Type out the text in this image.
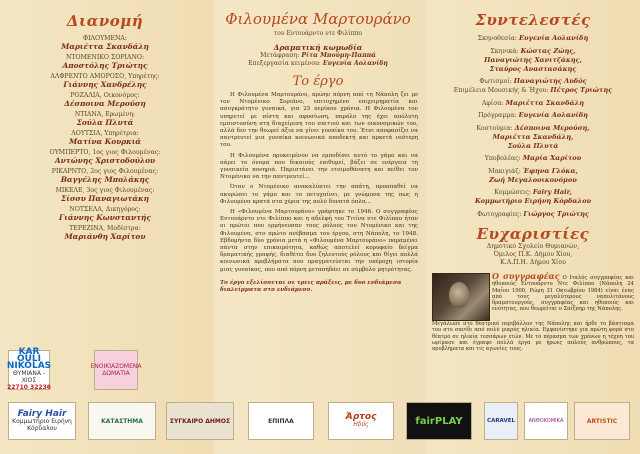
Διανομή
ΦΙΛΟΥΜΕΝΑ:
Μαριέττα Σκανδάλη
ΝΤΟΜΕΝΙΚΟ ΣΟΡΙΑΝΟ:
Αποστόλης Τριώτης
ΑΛΦΡΕΝΤΟ ΑΜΟΡΟΣΟ, Υπηρέτης:
Γιάννης Χανδρέλης
ΡΟΖΑΛΙΑ, Οικονόμος:
Δέσποινα Μερούση
ΝΤΙΑΝΑ, Ερωμένη:
Σούλα Πλυτά
ΛΟΥΤΣΙΑ, Υπηρέτρια:
Ματίνα Κουρκιά
ΟΥΜΠΕΡΤΟ, 1ος γιος Φιλουμένας:
Αντώνης Χριστοδούλου
ΡΙΚΑΡΝΤΟ, 2ος γιος Φιλουμένας:
Βαγγέλης Μπολάκης
ΜΙΚΕΛΕ, 3ος γιος Φιλουμένας:
Σίσσυ Παναγιωτάκη
ΝΟΤΣΕΛΑ, Δικηγόρος:
Γιάννης Κωνσταντής
ΤΕΡΕΖΙΝΑ, Μοδίστρα:
Μαριάνθη Χαρίτου
Φιλουμένα Μαρτουράνο
του Εντουάρντο ντε Φιλίππο
Δραματική κωμωδία
Μετάφραση: Ρίτα Μπούμη-Παππά
Επεξεργασία κειμένου: Ευγενία Αολανίδη
Το έργο

Η Φιλουμένα Μαρτουράνο, πρώην πόρνη από τη Νάπολη ζει με τον Ντομένικο Σοριάνο, επιτυχημένο επιχειρηματία και ασυγκράτητο γυναικά, για 25 περίπου χρόνια. Η Φιλουμένα τον υπηρετεί με πίστη και αφοσίωση, παρόλο της έχει απόλυτη εμπιστοσύνη στη διαχείριση του σπιτιού και των οικονομικών του, αλλά δεν την θεωρεί άξια να γίνει γυναίκα του. Έτσι αποφασίζει να παντρευτεί μια γυναίκα κοινωνικά αποδεκτή και αρκετά νεότερη του.

Η Φιλουμένα προκειμένου να εμποδίσει αυτό το γάμο και να πάρει το όνομα που δικαιούς επιθυμεί, βάζει σε ενέργεια τη γυναικεία πονηριά. Παριστάνει την ετοιμοθάνατη και πείθει τον Ντομένικο να την παντρευτεί...

Όταν ο Ντομένικο ανακαλύπτει την απάτη, προσπαθεί να ακυρώσει το γάμο και το πετυχαίνει, με γνώμονα της πως η Φιλουμένα κρατά στα χέρια της πολύ δυνατά όπλα...

Η «Φιλουμένα Μαρτουράνο» γράφτηκε το 1946. Ο συγγραφέας Εντουάρντο ντε Φιλίππο και η αδελφή του Τιτίνα ντε Φιλίππο ήταν οι πρώτοι που ερμήνευσαν τους ρόλους του Ντομένικο και της Φιλουμένα, στο πρώτο ανέβασμα του έργου, στη Νάπολη, το 1948. Εβδομήντα δύο χρόνια μετά η «Φιλουμένα Μαρτουράνο» παραμένει πάντα στην επικαιρότητα, καθώς αποτελεί κορυφαίο δείγμα δραματικής γραφής, διαθέτει δυο ζηλευτούς ρόλους και θίγει πολλά κοινωνικά προβλήματα που πραγματεύεται την υπέροχη ιστορία μιας γυναίκας, που από πόρνη μεταπηδάει σε σύμβολο μητρότητας.

Το έργο εξελίσσεται σε τρεις πράξεις, με δυο ενδιάμεσα διαλείμματα στο ενδιάμεσο.
Συντελεστές
Σκηνοθεσία: Ευγενία Αολανίδη
Σκηνικά: Κώστας Ζώης,
Παναγιώτης Χανιτζάκης,
Σταύρος Αναστασάκης
Φωτισμοί: Παναγιώτης Λυδός
Επιμέλεια Μουσικής & Ήχου: Πέτρος Τριώτης
Αφίσα: Μαριέττα Σκανδάλη
Πρόγραμμα: Ευγενία Αολανίδη
Κοστούμια: Δέσποινα Μερούση,
Μαριέττα Σκανδάλη,
Σούλα Πλυτά
Υποβολέας: Μαρία Χαρίτου
Μακιγιάζ: Έφηνα Γλόκα,
Ζωή Μεγαλοοικονόμου
Κομμώσεις: Fairy Hair,
Κομμωτήριο Ειρήνη Κόρδαλου
Φωτογραφίες: Γιώργος Τριώτης
Ευχαριστίες
Δημοτικό Σχολείο Θυμιανών,
Όμιλος Π.Κ. Δήμου Χίου,
Κ.Α.Π.Η. Δήμου Χίου

Ο συγγραφέας Ο Ιταλός συγγραφέας και ηθοποιός Εντουάρντο Ντε Φιλίππο (Νάπολη 24 Μαΐου 1900, Ρώμη 31 Οκτωβρίου 1984) είναι ένας από τους μεγαλύτερους ναπολιτάνους δραματουργούς, συγγραφέας και ηθοποιός και ενότητας, που θεωρείται ο Σαίξπηρ της Νάπολης.

Μεγάλωσε στο θεατρικό περιβάλλον της Νάπολης και ήρθε το βάπτισμα του στο σανίδι από πολύ μικρός ηλικία. Εμφανίστηκε για πρώτη φορά στο θέατρο σε ηλικία τεσσάρων ετών. Με το πέρασμα των χρόνων η τέχνη του ωρίμασε και έγραψε πολλά έργα με ήρωες απλούς ανθρώπους, τα προβλήματα και τις αγωνίες τους.

KAR OULI NIKOLAS
ΘΥΜΙΑΝΑ - ΧΙΟΣ
22710 32236
ΕΝΟΙΚΙΑΖΟΜΕΝΑ ΔΩΜΑΤΙΑ
Fairy Hair
Κομμωτήριο Ειρήνη Κόρδαλου
ΚΑΤΑΣΤΗΜΑ	ΣΥΓΚΑΙΡΟ ΔΗΜΟΣ	ΕΠΙΠΛΑ	Άρτος
Ηδύς	fairPLAY	CARAVEL	ΑΝΘΟΚΟΜΙΚΑ	ARTISTIC
